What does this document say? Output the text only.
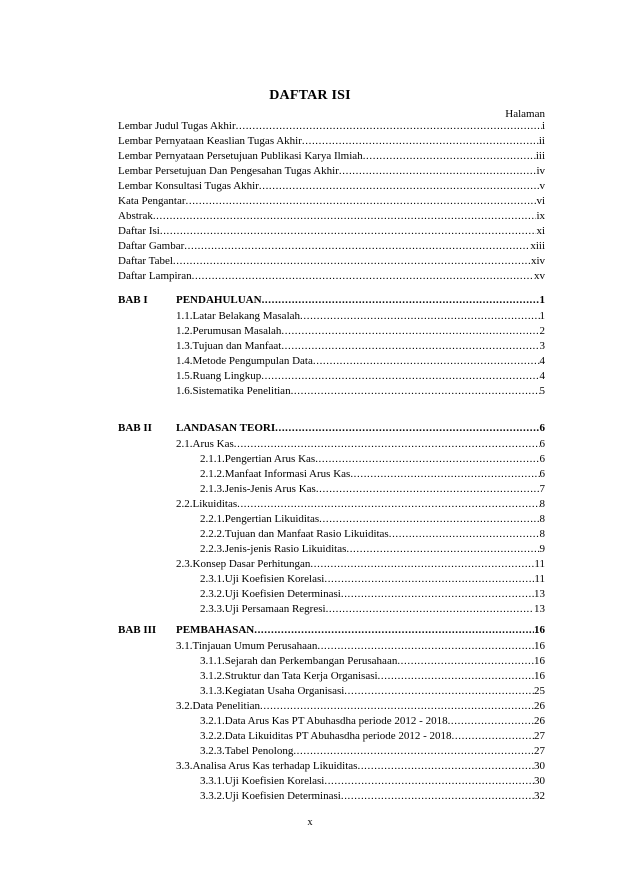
DAFTAR ISI
Halaman
Lembar Judul Tugas Akhir .....	i
Lembar Pernyataan Keaslian Tugas Akhir .....	ii
Lembar Pernyataan Persetujuan Publikasi Karya Ilmiah .....	iii
Lembar Persetujuan Dan Pengesahan Tugas Akhir .....	iv
Lembar Konsultasi Tugas Akhir .....	v
Kata Pengantar .....	vi
Abstrak .....	ix
Daftar Isi .....	xi
Daftar Gambar .....	xiii
Daftar Tabel .....	xiv
Daftar Lampiran .....	xv
BAB I	PENDAHULUAN .....	1
1.1.Latar Belakang Masalah .....	1
1.2.Perumusan Masalah .....	2
1.3.Tujuan dan Manfaat .....	3
1.4.Metode Pengumpulan Data .....	4
1.5.Ruang Lingkup .....	4
1.6.Sistematika Penelitian .....	5
BAB II LANDASAN TEORI .....	6
2.1.Arus Kas .....	6
2.1.1.Pengertian Arus Kas .....	6
2.1.2.Manfaat Informasi Arus Kas .....	6
2.1.3.Jenis-Jenis Arus Kas .....	7
2.2.Likuiditas .....	8
2.2.1.Pengertian Likuiditas .....	8
2.2.2.Tujuan dan Manfaat Rasio Likuiditas .....	8
2.2.3.Jenis-jenis Rasio Likuiditas .....	9
2.3.Konsep Dasar Perhitungan .....	11
2.3.1.Uji Koefisien Korelasi .....	11
2.3.2.Uji Koefisien Determinasi .....	13
2.3.3.Uji Persamaan Regresi .....	13
BAB III PEMBAHASAN .....	16
3.1.Tinjauan Umum Perusahaan .....	16
3.1.1.Sejarah dan Perkembangan Perusahaan .....	16
3.1.2.Struktur dan Tata Kerja Organisasi .....	16
3.1.3.Kegiatan Usaha Organisasi .....	25
3.2.Data Penelitian .....	26
3.2.1.Data Arus Kas PT Abuhasdha periode 2012 - 2018 .....	26
3.2.2.Data Likuiditas PT Abuhasdha periode 2012 - 2018 .....	27
3.2.3.Tabel Penolong .....	27
3.3.Analisa Arus Kas terhadap Likuiditas .....	30
3.3.1.Uji Koefisien Korelasi .....	30
3.3.2.Uji Koefisien Determinasi .....	32
x
